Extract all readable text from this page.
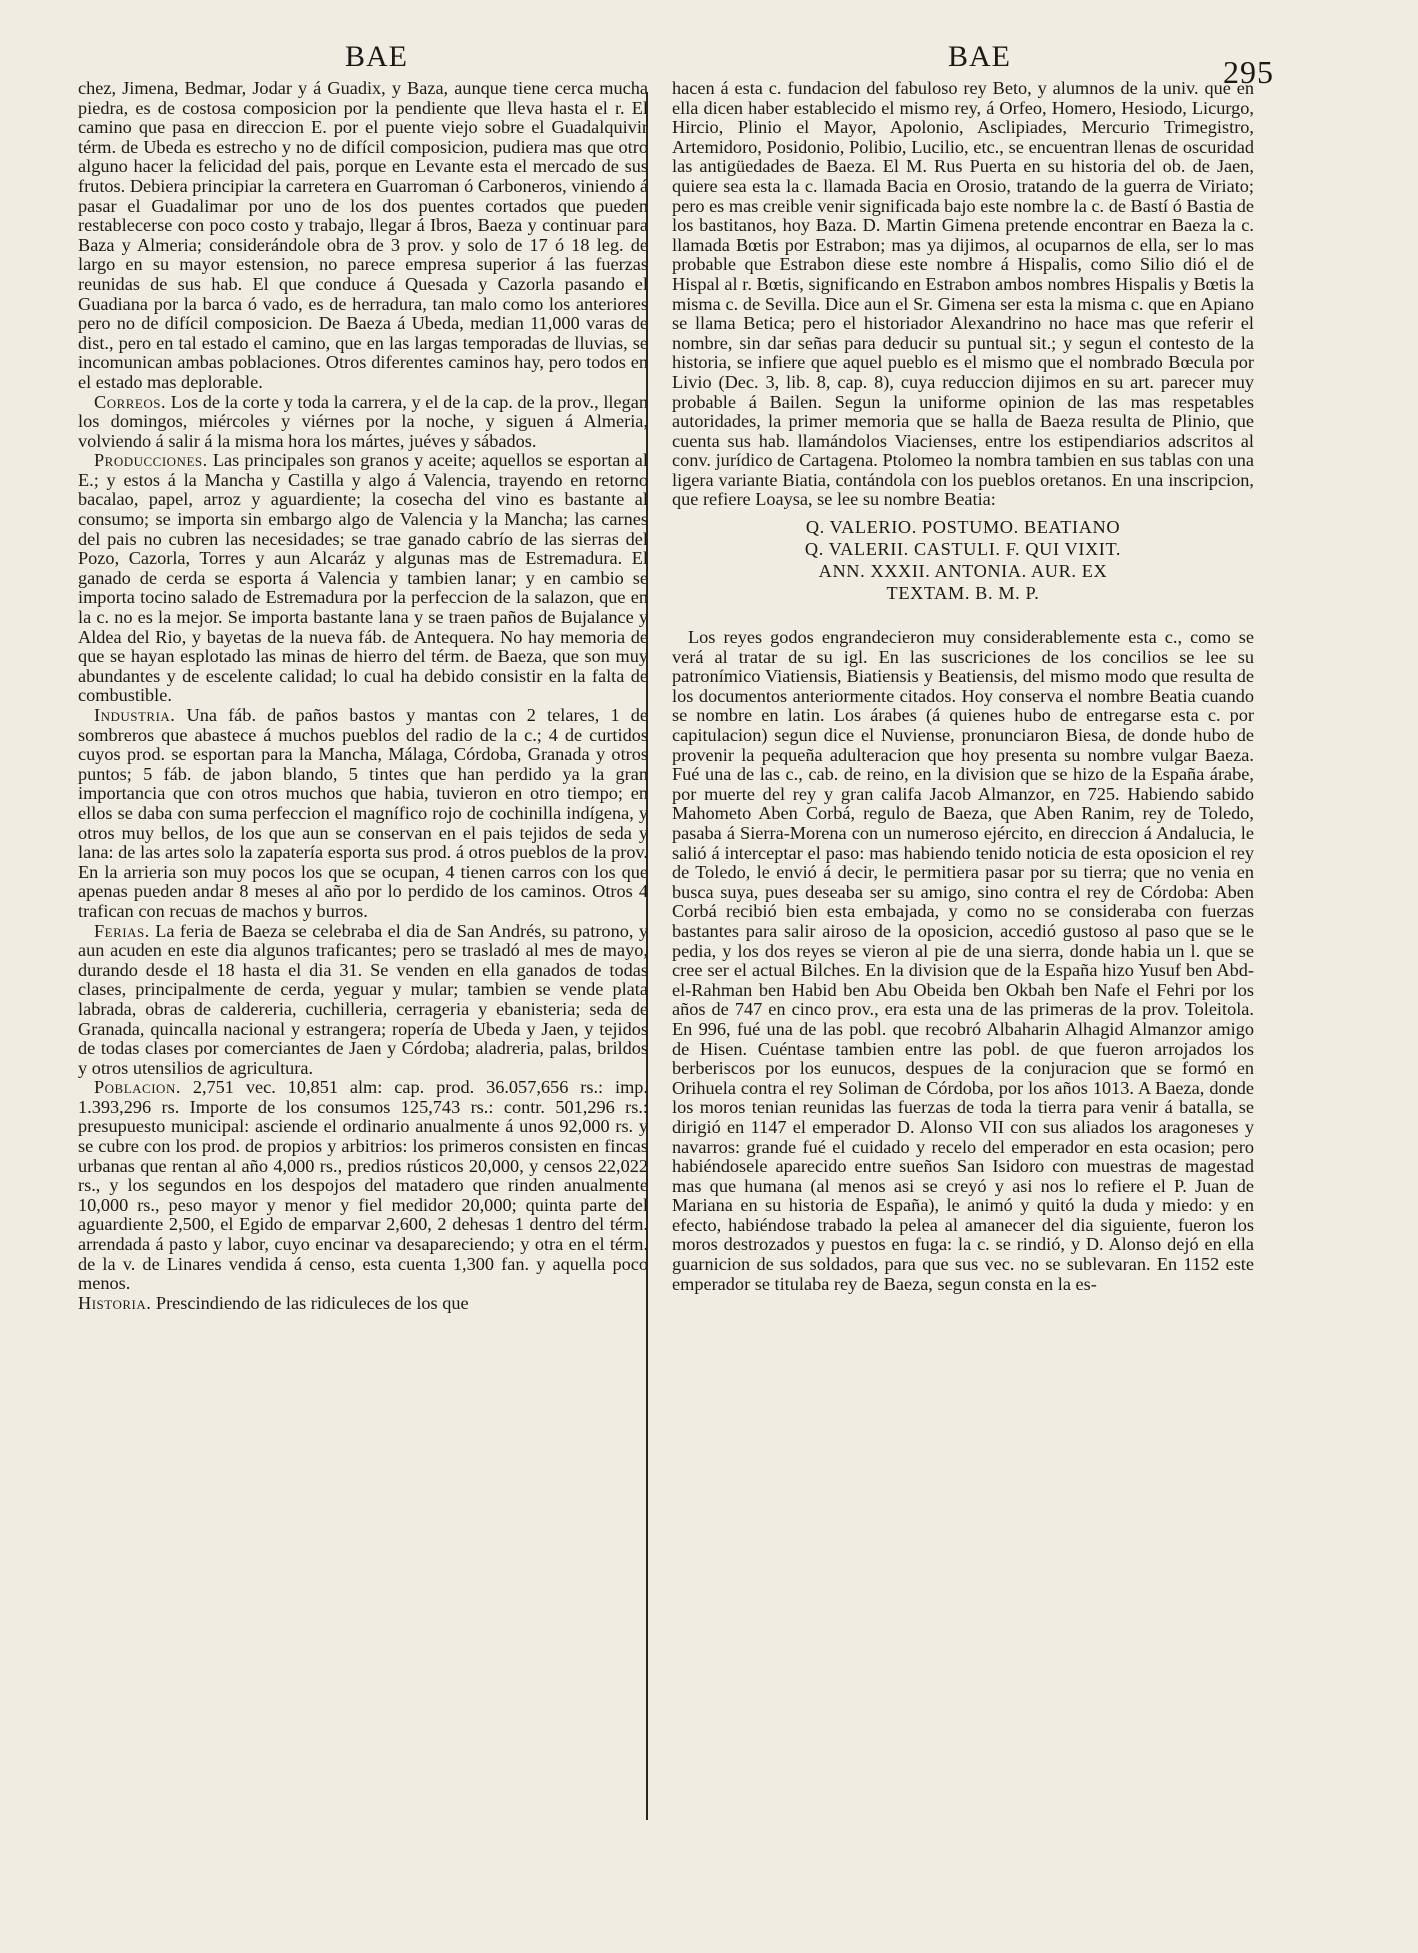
BAE	BAE	295

chez, Jimena, Bedmar, Jodar y á Guadix, y Baza, aunque tiene cerca mucha piedra, es de costosa composicion por la pendiente que lleva hasta el r. El camino que pasa en direccion E. por el puente viejo sobre el Guadalquivir térm. de Ubeda es estrecho y no de difícil composicion, pudiera mas que otro alguno hacer la felicidad del pais, porque en Levante esta el mercado de sus frutos. Debiera principiar la carretera en Guarroman ó Carboneros, viniendo á pasar el Guadalimar por uno de los dos puentes cortados que pueden restablecerse con poco costo y trabajo, llegar á Ibros, Baeza y continuar para Baza y Almeria; considerándole obra de 3 prov. y solo de 17 ó 18 leg. de largo en su mayor estension, no parece empresa superior á las fuerzas reunidas de sus hab. El que conduce á Quesada y Cazorla pasando el Guadiana por la barca ó vado, es de herradura, tan malo como los anteriores pero no de difícil composicion. De Baeza á Ubeda, median 11,000 varas de dist., pero en tal estado el camino, que en las largas temporadas de lluvias, se incomunican ambas poblaciones. Otros diferentes caminos hay, pero todos en el estado mas deplorable.

Correos. Los de la corte y toda la carrera, y el de la cap. de la prov., llegan los domingos, miércoles y viérnes por la noche, y siguen á Almeria, volviendo á salir á la misma hora los mártes, juéves y sábados.

Producciones. Las principales son granos y aceite; aquellos se esportan al E.; y estos á la Mancha y Castilla y algo á Valencia, trayendo en retorno bacalao, papel, arroz y aguardiente; la cosecha del vino es bastante al consumo; se importa sin embargo algo de Valencia y la Mancha; las carnes del pais no cubren las necesidades; se trae ganado cabrío de las sierras del Pozo, Cazorla, Torres y aun Alcaráz y algunas mas de Estremadura. El ganado de cerda se esporta á Valencia y tambien lanar; y en cambio se importa tocino salado de Estremadura por la perfeccion de la salazon, que en la c. no es la mejor. Se importa bastante lana y se traen paños de Bujalance y Aldea del Rio, y bayetas de la nueva fáb. de Antequera. No hay memoria de que se hayan esplotado las minas de hierro del térm. de Baeza, que son muy abundantes y de escelente calidad; lo cual ha debido consistir en la falta de combustible.

Industria. Una fáb. de paños bastos y mantas con 2 telares, 1 de sombreros que abastece á muchos pueblos del radio de la c.; 4 de curtidos cuyos prod. se esportan para la Mancha, Málaga, Córdoba, Granada y otros puntos; 5 fáb. de jabon blando, 5 tintes que han perdido ya la gran importancia que con otros muchos que habia, tuvieron en otro tiempo; en ellos se daba con suma perfeccion el magnífico rojo de cochinilla indígena, y otros muy bellos, de los que aun se conservan en el pais tejidos de seda y lana: de las artes solo la zapatería esporta sus prod. á otros pueblos de la prov. En la arrieria son muy pocos los que se ocupan, 4 tienen carros con los que apenas pueden andar 8 meses al año por lo perdido de los caminos. Otros 4 trafican con recuas de machos y burros.

Ferias. La feria de Baeza se celebraba el dia de San Andrés, su patrono, y aun acuden en este dia algunos traficantes; pero se trasladó al mes de mayo, durando desde el 18 hasta el dia 31. Se venden en ella ganados de todas clases, principalmente de cerda, yeguar y mular; tambien se vende plata labrada, obras de caldereria, cuchilleria, cerrageria y ebanisteria; seda de Granada, quincalla nacional y estrangera; ropería de Ubeda y Jaen, y tejidos de todas clases por comerciantes de Jaen y Córdoba; aladreria, palas, brildos y otros utensilios de agricultura.

Poblacion. 2,751 vec. 10,851 alm: cap. prod. 36.057,656 rs.: imp. 1.393,296 rs. Importe de los consumos 125,743 rs.: contr. 501,296 rs.: presupuesto municipal: asciende el ordinario anualmente á unos 92,000 rs. y se cubre con los prod. de propios y arbitrios: los primeros consisten en fincas urbanas que rentan al año 4,000 rs., predios rústicos 20,000, y censos 22,022 rs., y los segundos en los despojos del matadero que rinden anualmente 10,000 rs., peso mayor y menor y fiel medidor 20,000; quinta parte del aguardiente 2,500, el Egido de emparvar 2,600, 2 dehesas 1 dentro del térm. arrendada á pasto y labor, cuyo encinar va desapareciendo; y otra en el térm. de la v. de Linares vendida á censo, esta cuenta 1,300 fan. y aquella poco menos.

Historia. Prescindiendo de las ridiculeces de los que

hacen á esta c. fundacion del fabuloso rey Beto, y alumnos de la univ. que en ella dicen haber establecido el mismo rey, á Orfeo, Homero, Hesiodo, Licurgo, Hircio, Plinio el Mayor, Apolonio, Asclipiades, Mercurio Trimegistro, Artemidoro, Posidonio, Polibio, Lucilio, etc., se encuentran llenas de oscuridad las antigüedades de Baeza. El M. Rus Puerta en su historia del ob. de Jaen, quiere sea esta la c. llamada Bacia en Orosio, tratando de la guerra de Viriato; pero es mas creible venir significada bajo este nombre la c. de Bastí ó Bastia de los bastitanos, hoy Baza. D. Martin Gimena pretende encontrar en Baeza la c. llamada Bœtis por Estrabon; mas ya dijimos, al ocuparnos de ella, ser lo mas probable que Estrabon diese este nombre á Hispalis, como Silio dió el de Hispal al r. Bœtis, significando en Estrabon ambos nombres Hispalis y Bœtis la misma c. de Sevilla. Dice aun el Sr. Gimena ser esta la misma c. que en Apiano se llama Betica; pero el historiador Alexandrino no hace mas que referir el nombre, sin dar señas para deducir su puntual sit.; y segun el contesto de la historia, se infiere que aquel pueblo es el mismo que el nombrado Bœcula por Livio (Dec. 3, lib. 8, cap. 8), cuya reduccion dijimos en su art. parecer muy probable á Bailen. Segun la uniforme opinion de las mas respetables autoridades, la primer memoria que se halla de Baeza resulta de Plinio, que cuenta sus hab. llamándolos Viacienses, entre los estipendiarios adscritos al conv. jurídico de Cartagena. Ptolomeo la nombra tambien en sus tablas con una ligera variante Biatia, contándola con los pueblos oretanos. En una inscripcion, que refiere Loaysa, se lee su nombre Beatia:

Q. VALERIO. POSTUMO. BEATIANO
Q. VALERII. CASTULI. F. QUI VIXIT.
ANN. XXXII. ANTONIA. AUR. EX
TEXTAM. B. M. P.

Los reyes godos engrandecieron muy considerablemente esta c., como se verá al tratar de su igl. En las suscriciones de los concilios se lee su patronímico Viatiensis, Biatiensis y Beatiensis, del mismo modo que resulta de los documentos anteriormente citados. Hoy conserva el nombre Beatia cuando se nombre en latin. Los árabes (á quienes hubo de entregarse esta c. por capitulacion) segun dice el Nuviense, pronunciaron Biesa, de donde hubo de provenir la pequeña adulteracion que hoy presenta su nombre vulgar Baeza. Fué una de las c., cab. de reino, en la division que se hizo de la España árabe, por muerte del rey y gran califa Jacob Almanzor, en 725. Habiendo sabido Mahometo Aben Corbá, regulo de Baeza, que Aben Ranim, rey de Toledo, pasaba á Sierra-Morena con un numeroso ejército, en direccion á Andalucia, le salió á interceptar el paso: mas habiendo tenido noticia de esta oposicion el rey de Toledo, le envió á decir, le permitiera pasar por su tierra; que no venia en busca suya, pues deseaba ser su amigo, sino contra el rey de Córdoba: Aben Corbá recibió bien esta embajada, y como no se consideraba con fuerzas bastantes para salir airoso de la oposicion, accedió gustoso al paso que se le pedia, y los dos reyes se vieron al pie de una sierra, donde habia un l. que se cree ser el actual Bilches. En la division que de la España hizo Yusuf ben Abd-el-Rahman ben Habid ben Abu Obeida ben Okbah ben Nafe el Fehri por los años de 747 en cinco prov., era esta una de las primeras de la prov. Toleitola. En 996, fué una de las pobl. que recobró Albaharin Alhagid Almanzor amigo de Hisen. Cuéntase tambien entre las pobl. de que fueron arrojados los berberiscos por los eunucos, despues de la conjuracion que se formó en Orihuela contra el rey Soliman de Córdoba, por los años 1013. A Baeza, donde los moros tenian reunidas las fuerzas de toda la tierra para venir á batalla, se dirigió en 1147 el emperador D. Alonso VII con sus aliados los aragoneses y navarros: grande fué el cuidado y recelo del emperador en esta ocasion; pero habiéndosele aparecido entre sueños San Isidoro con muestras de magestad mas que humana (al menos asi se creyó y asi nos lo refiere el P. Juan de Mariana en su historia de España), le animó y quitó la duda y miedo: y en efecto, habiéndose trabado la pelea al amanecer del dia siguiente, fueron los moros destrozados y puestos en fuga: la c. se rindió, y D. Alonso dejó en ella guarnicion de sus soldados, para que sus vec. no se sublevaran. En 1152 este emperador se titulaba rey de Baeza, segun consta en la es-
